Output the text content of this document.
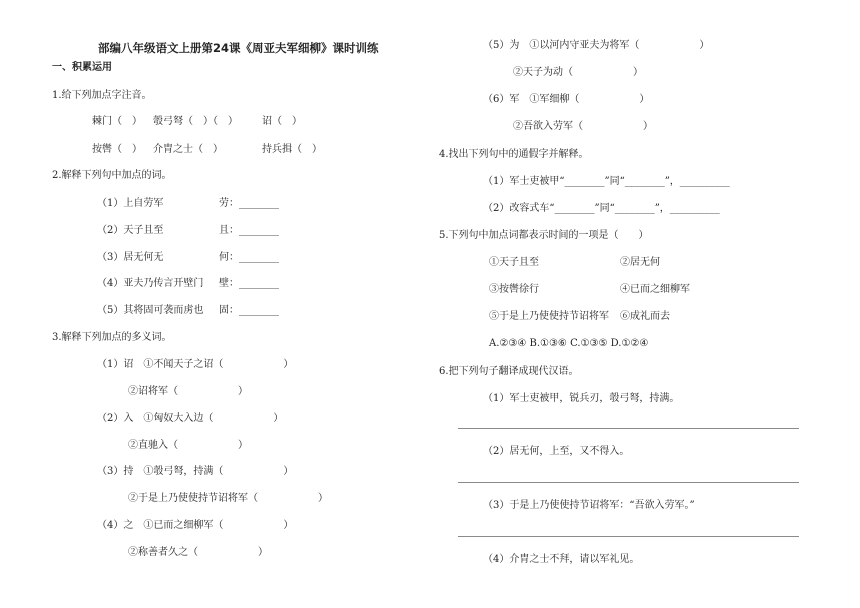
部编八年级语文上册第24课《周亚夫军细柳》课时训练
一、积累运用
1.给下列加点字注音。
棘门（　） 彀弓弩（　）（　） 诏（　）
按辔（　） 介胄之士（　）	持兵揖（　）
2.解释下列句中加点的词。
（1）上自劳军	劳：________
（2）天子且至	且：________
（3）居无何无	何：________
（4）亚夫乃传言开壁门 壁：________
（5）其将固可袭而虏也 固：________
3.解释下列加点的多义词。
（1）诏　①不闻天子之诏（　　　　　　）
②诏将军（　　　　　　）
（2）入　①匈奴大入边（　　　　　　）
②直驰入（　　　　　　）
（3）持　①彀弓弩，持满（　　　　　　）
②于是上乃使使持节诏将军（　　　　　　）
（4）之　①已而之细柳军（　　　　　　）
②称善者久之（　　　　　　）
（5）为　①以河内守亚夫为将军（　　　　　　）
②天子为动（　　　　　　）
（6）军　①军细柳（　　　　　　）
②吾欲入劳军（　　　　　　）
4.找出下列句中的通假字并解释。
（1）军士吏被甲“________”同“________”，__________
（2）改容式车“________”同“________”，__________
5.下列句中加点词都表示时间的一项是（　　）
①天子且至	②居无何
③按辔徐行	④已而之细柳军
⑤于是上乃使使持节诏将军 ⑥成礼而去
A.②③④ B.①③⑥ C.①③⑤ D.①②④
6.把下列句子翻译成现代汉语。
（1）军士吏被甲，锐兵刃，彀弓弩，持满。
（2）居无何，上至，又不得入。
（3）于是上乃使使持节诏将军：“吾欲入劳军。”
（4）介胄之士不拜，请以军礼见。
